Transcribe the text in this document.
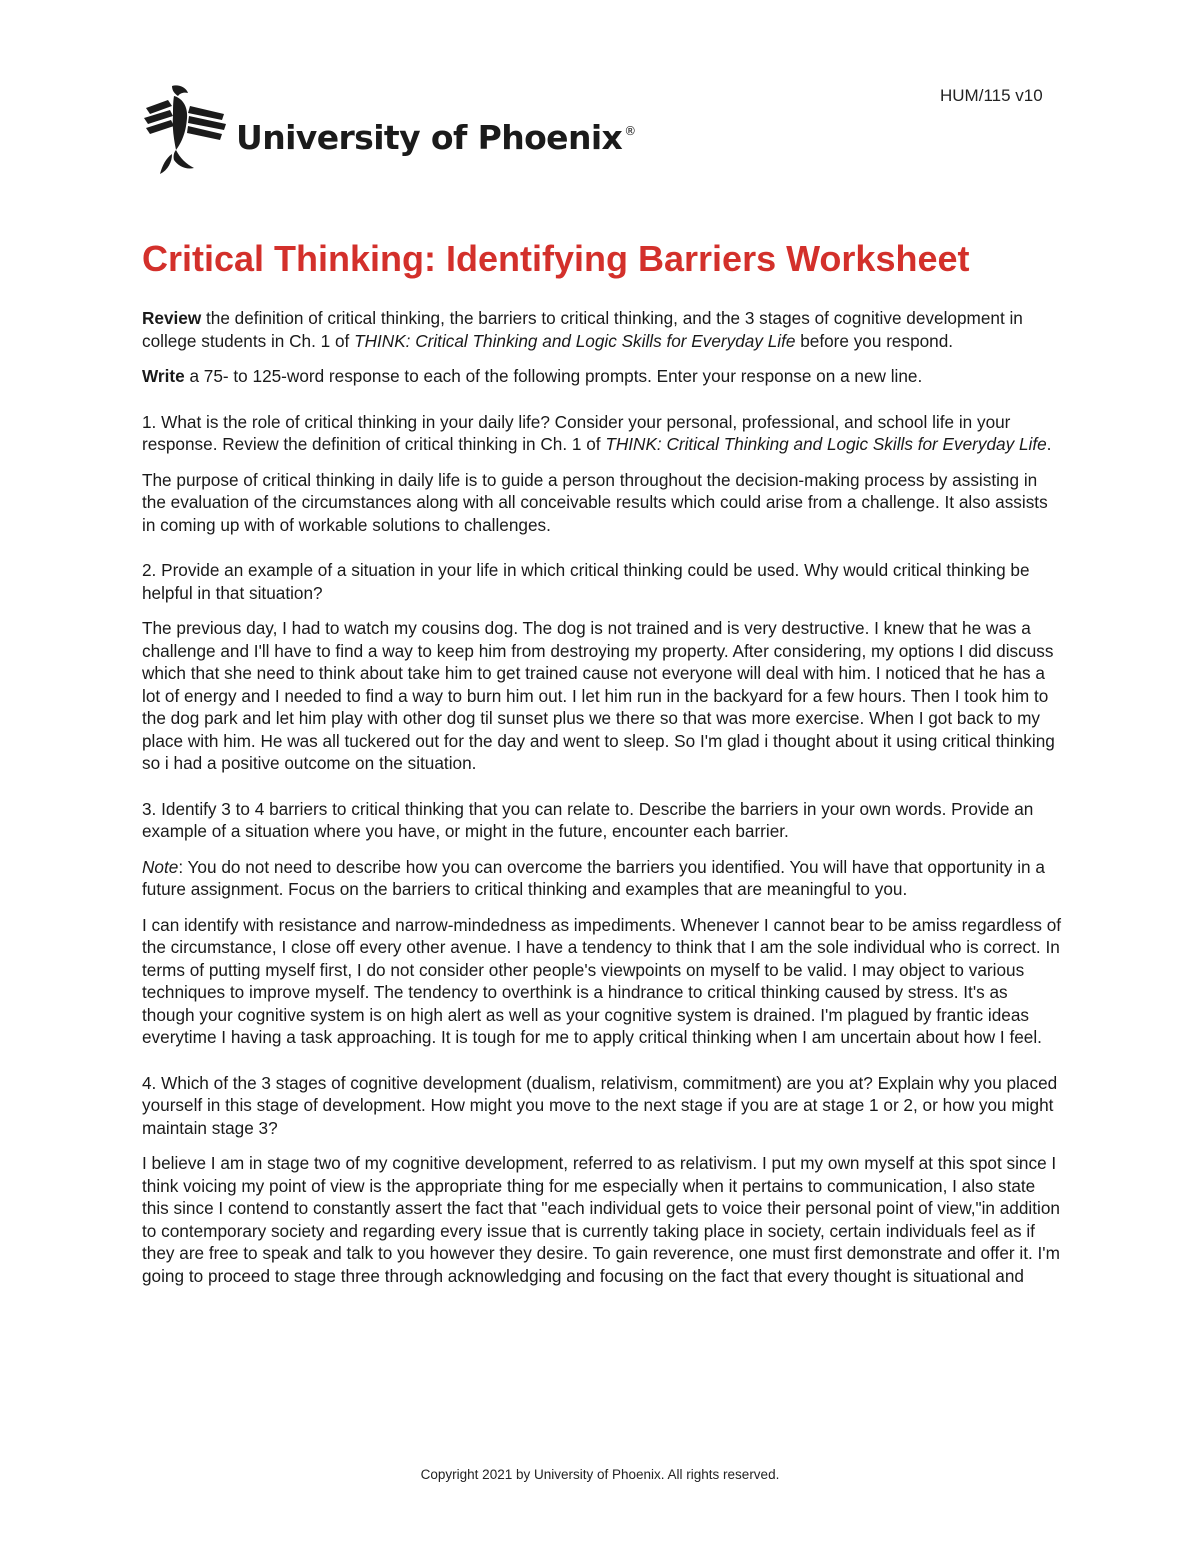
HUM/115 v10
University of Phoenix ®
Critical Thinking: Identifying Barriers Worksheet

Review the definition of critical thinking, the barriers to critical thinking, and the 3 stages of cognitive development in college students in Ch. 1 of THINK: Critical Thinking and Logic Skills for Everyday Life before you respond.

Write a 75- to 125-word response to each of the following prompts. Enter your response on a new line.

1. What is the role of critical thinking in your daily life? Consider your personal, professional, and school life in your response. Review the definition of critical thinking in Ch. 1 of THINK: Critical Thinking and Logic Skills for Everyday Life.

The purpose of critical thinking in daily life is to guide a person throughout the decision-making process by assisting in the evaluation of the circumstances along with all conceivable results which could arise from a challenge. It also assists in coming up with of workable solutions to challenges.

2. Provide an example of a situation in your life in which critical thinking could be used. Why would critical thinking be helpful in that situation?

The previous day, I had to watch my cousins dog. The dog is not trained and is very destructive. I knew that he was a challenge and I'll have to find a way to keep him from destroying my property. After considering, my options I did discuss which that she need to think about take him to get trained cause not everyone will deal with him. I noticed that he has a lot of energy and I needed to find a way to burn him out. I let him run in the backyard for a few hours. Then I took him to the dog park and let him play with other dog til sunset plus we there so that was more exercise. When I got back to my place with him. He was all tuckered out for the day and went to sleep. So I'm glad i thought about it using critical thinking so i had a positive outcome on the situation.

3. Identify 3 to 4 barriers to critical thinking that you can relate to. Describe the barriers in your own words. Provide an example of a situation where you have, or might in the future, encounter each barrier.

Note: You do not need to describe how you can overcome the barriers you identified. You will have that opportunity in a future assignment. Focus on the barriers to critical thinking and examples that are meaningful to you.

I can identify with resistance and narrow-mindedness as impediments. Whenever I cannot bear to be amiss regardless of the circumstance, I close off every other avenue. I have a tendency to think that I am the sole individual who is correct. In terms of putting myself first, I do not consider other people's viewpoints on myself to be valid. I may object to various techniques to improve myself. The tendency to overthink is a hindrance to critical thinking caused by stress. It's as though your cognitive system is on high alert as well as your cognitive system is drained. I'm plagued by frantic ideas everytime I having a task approaching. It is tough for me to apply critical thinking when I am uncertain about how I feel.

4. Which of the 3 stages of cognitive development (dualism, relativism, commitment) are you at? Explain why you placed yourself in this stage of development. How might you move to the next stage if you are at stage 1 or 2, or how you might maintain stage 3?

I believe I am in stage two of my cognitive development, referred to as relativism. I put my own myself at this spot since I think voicing my point of view is the appropriate thing for me especially when it pertains to communication, I also state this since I contend to constantly assert the fact that "each individual gets to voice their personal point of view,"in addition to contemporary society and regarding every issue that is currently taking place in society, certain individuals feel as if they are free to speak and talk to you however they desire. To gain reverence, one must first demonstrate and offer it. I'm going to proceed to stage three through acknowledging and focusing on the fact that every thought is situational and

Copyright 2021 by University of Phoenix. All rights reserved.
